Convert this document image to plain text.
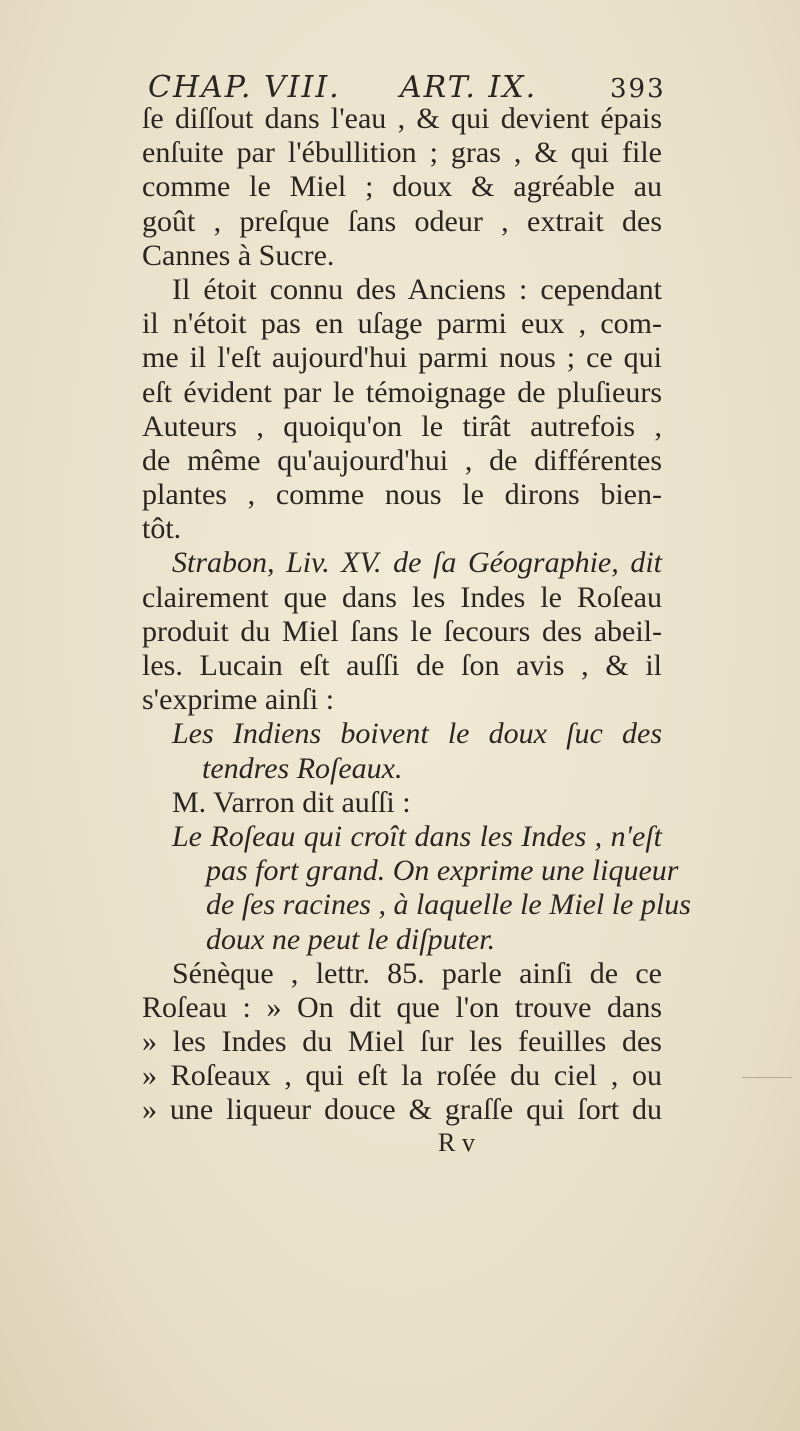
CHAP. VIII. ART. IX.	393
ſe diſſout dans l'eau , & qui devient épais
enſuite par l'ébullition ; gras , & qui file
comme le Miel ; doux & agréable au
goût , preſque ſans odeur , extrait des
Cannes à Sucre.
Il étoit connu des Anciens : cependant
il n'étoit pas en uſage parmi eux , com-
me il l'eſt aujourd'hui parmi nous ; ce qui
eſt évident par le témoignage de pluſieurs
Auteurs , quoiqu'on le tirât autrefois ,
de même qu'aujourd'hui , de différentes
plantes , comme nous le dirons bien-
tôt.
Strabon, Liv. XV. de ſa Géographie, dit
clairement que dans les Indes le Roſeau
produit du Miel ſans le ſecours des abeil-
les. Lucain eſt auſſi de ſon avis , & il
s'exprime ainſi :
Les Indiens boivent le doux ſuc des
tendres Roſeaux.
M. Varron dit auſſi :
Le Roſeau qui croît dans les Indes , n'eſt
pas fort grand. On exprime une liqueur
de ſes racines , à laquelle le Miel le plus
doux ne peut le diſputer.
Sénèque , lettr. 85. parle ainſi de ce
Roſeau : » On dit que l'on trouve dans
» les Indes du Miel ſur les feuilles des
» Roſeaux , qui eſt la roſée du ciel , ou
» une liqueur douce & graſſe qui ſort du
R v
